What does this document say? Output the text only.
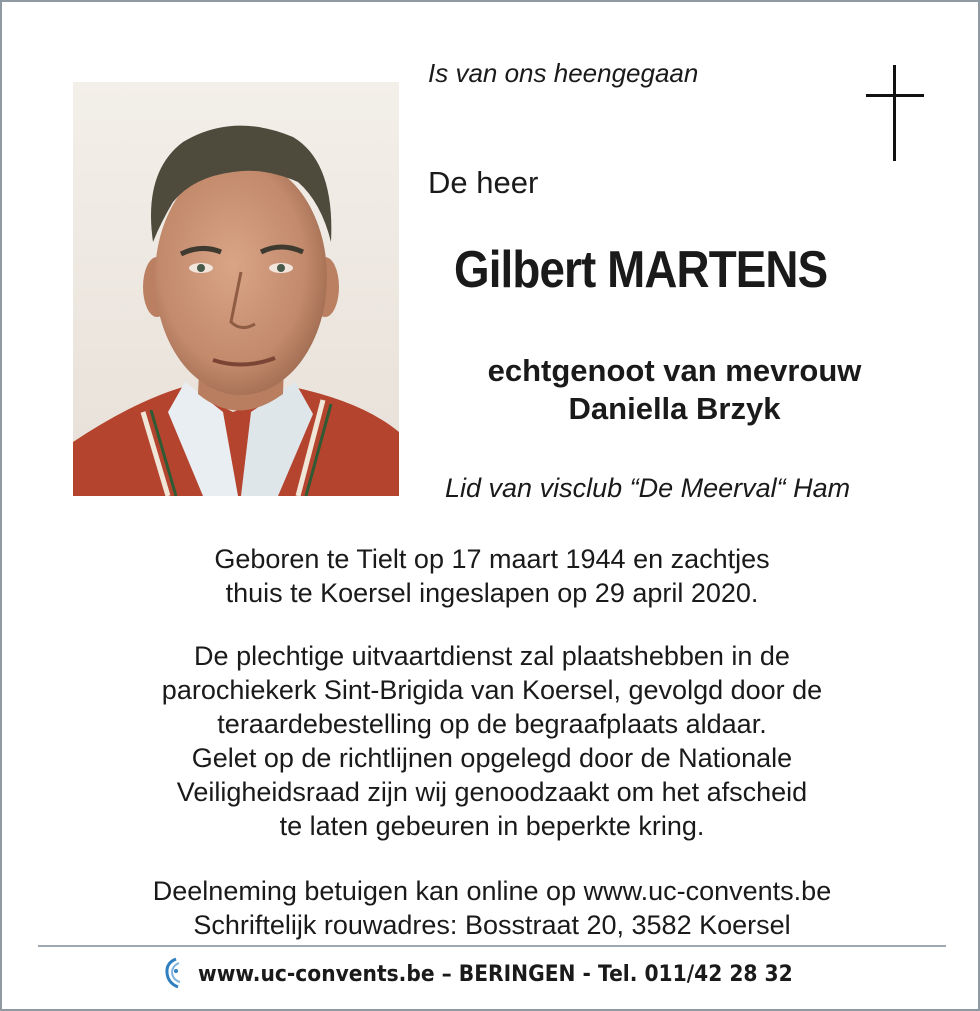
Is van ons heengegaan
De heer
Gilbert MARTENS
echtgenoot van mevrouw
Daniella Brzyk
Lid van visclub “De Meerval“ Ham
Geboren te Tielt op 17 maart 1944 en zachtjes
thuis te Koersel ingeslapen op 29 april 2020.
De plechtige uitvaartdienst zal plaatshebben in de
parochiekerk Sint-Brigida van Koersel, gevolgd door de
teraardebestelling op de begraafplaats aldaar.
Gelet op de richtlijnen opgelegd door de Nationale
Veiligheidsraad zijn wij genoodzaakt om het afscheid
te laten gebeuren in beperkte kring.
Deelneming betuigen kan online op www.uc-convents.be
Schriftelijk rouwadres: Bosstraat 20, 3582 Koersel
www.uc-convents.be – BERINGEN - Tel. 011/42 28 32
